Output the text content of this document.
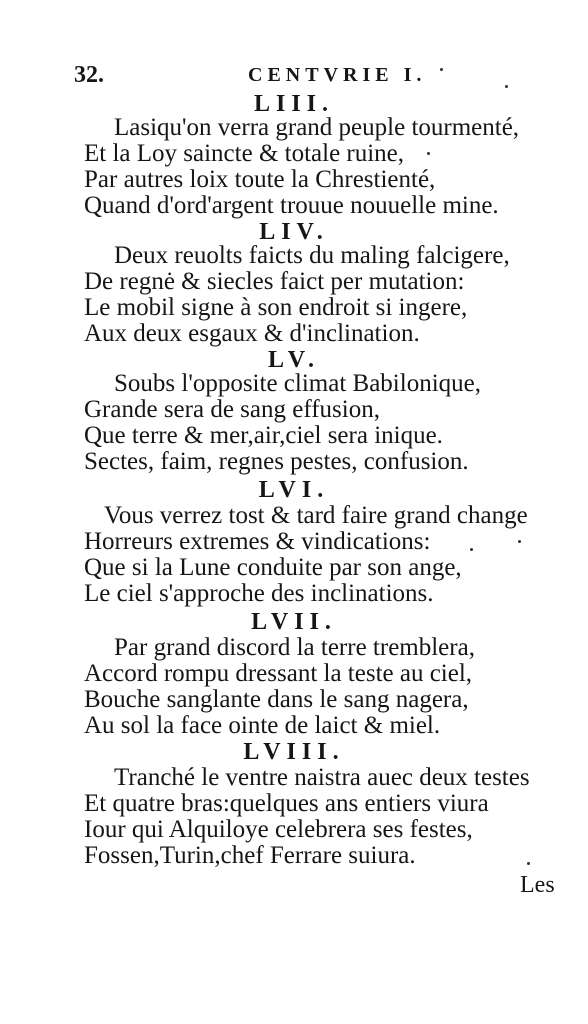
32.	CENTVRIE I.
LIII.
Lasiqu'on verra grand peuple tourmenté,
Et la Loy saincte & totale ruine,
Par autres loix toute la Chrestienté,
Quand d'ord'argent trouue nouuelle mine.
LIV.
Deux reuolts faicts du maling falcigere,
De regnė & siecles faict per mutation:
Le mobil signe à son endroit si ingere,
Aux deux esgaux & d'inclination.
LV.
Soubs l'opposite climat Babilonique,
Grande sera de sang effusion,
Que terre & mer,air,ciel sera inique.
Sectes, faim, regnes pestes, confusion.
LVI.
Vous verrez tost & tard faire grand change
Horreurs extremes & vindications:
Que si la Lune conduite par son ange,
Le ciel s'approche des inclinations.
LVII.
Par grand discord la terre tremblera,
Accord rompu dressant la teste au ciel,
Bouche sanglante dans le sang nagera,
Au sol la face ointe de laict & miel.
LVIII.
Tranché le ventre naistra auec deux testes
Et quatre bras:quelques ans entiers viura
Iour qui Alquiloye celebrera ses festes,
Fossen,Turin,chef Ferrare suiura.
Les
